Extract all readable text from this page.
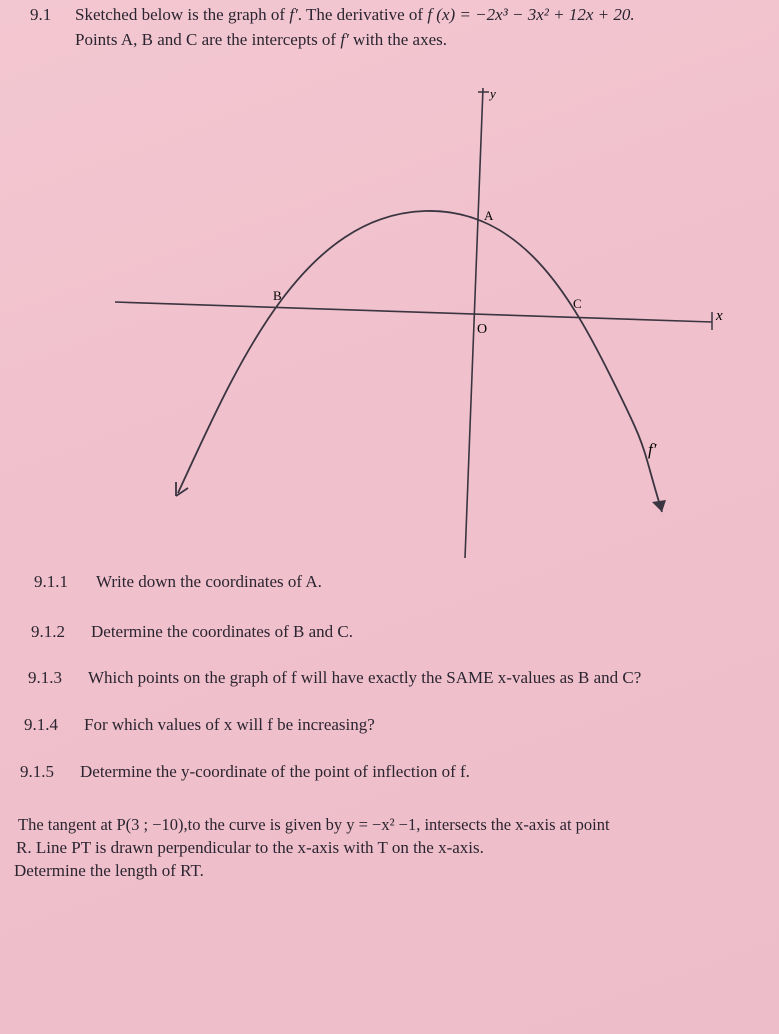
9.1 Sketched below is the graph of f′. The derivative of f (x) = −2x³ − 3x² + 12x + 20.
Points A, B and C are the intercepts of f′ with the axes.
y
x
A
B
C
O
f′
9.1.1 Write down the coordinates of A.
9.1.2 Determine the coordinates of B and C.
9.1.3 Which points on the graph of f will have exactly the SAME x-values as B and C?
9.1.4 For which values of x will f be increasing?
9.1.5 Determine the y-coordinate of the point of inflection of f.
The tangent at P(3 ; −10),to the curve is given by y = −x² −1, intersects the x-axis at point
R. Line PT is drawn perpendicular to the x-axis with T on the x-axis.
Determine the length of RT.
